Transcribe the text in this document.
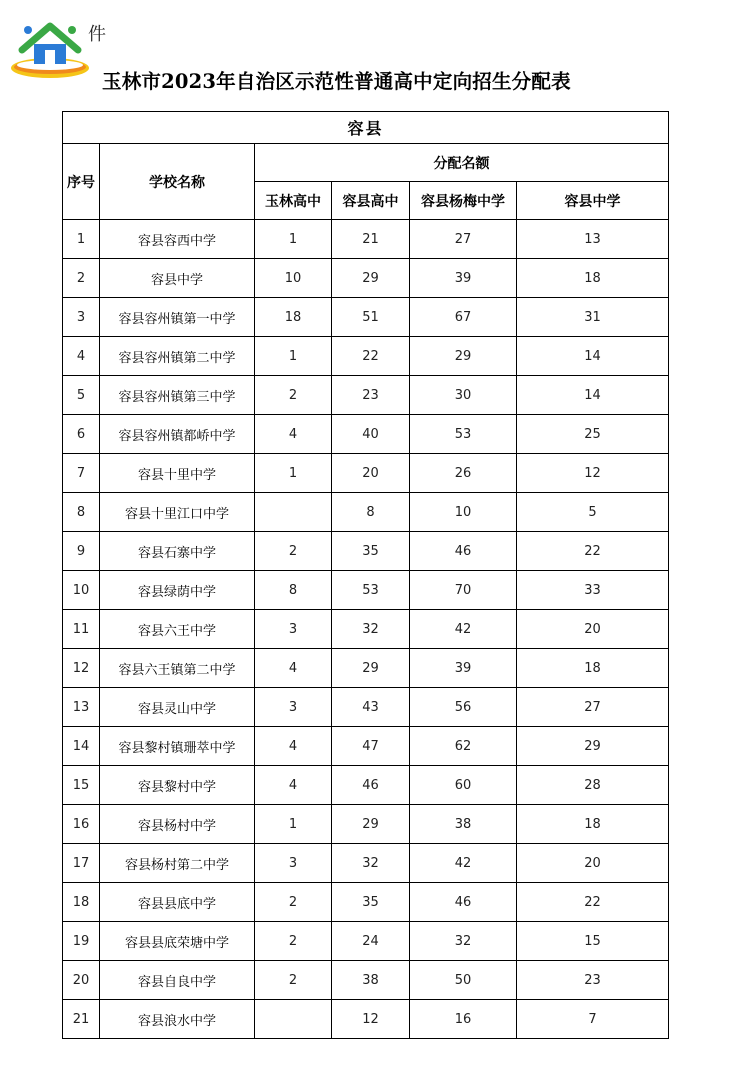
件
玉林市2023年自治区示范性普通高中定向招生分配表
容县					
序号	学校名称	分配名额			
		玉林高中	容县高中	容县杨梅中学	容县中学
1	容县容西中学	1	21	27	13
2	容县中学	10	29	39	18
3	容县容州镇第一中学	18	51	67	31
4	容县容州镇第二中学	1	22	29	14
5	容县容州镇第三中学	2	23	30	14
6	容县容州镇都峤中学	4	40	53	25
7	容县十里中学	1	20	26	12
8	容县十里江口中学		8	10	5
9	容县石寨中学	2	35	46	22
10	容县绿荫中学	8	53	70	33
11	容县六王中学	3	32	42	20
12	容县六王镇第二中学	4	29	39	18
13	容县灵山中学	3	43	56	27
14	容县黎村镇珊萃中学	4	47	62	29
15	容县黎村中学	4	46	60	28
16	容县杨村中学	1	29	38	18
17	容县杨村第二中学	3	32	42	20
18	容县县底中学	2	35	46	22
19	容县县底荣塘中学	2	24	32	15
20	容县自良中学	2	38	50	23
21	容县浪水中学		12	16	7
